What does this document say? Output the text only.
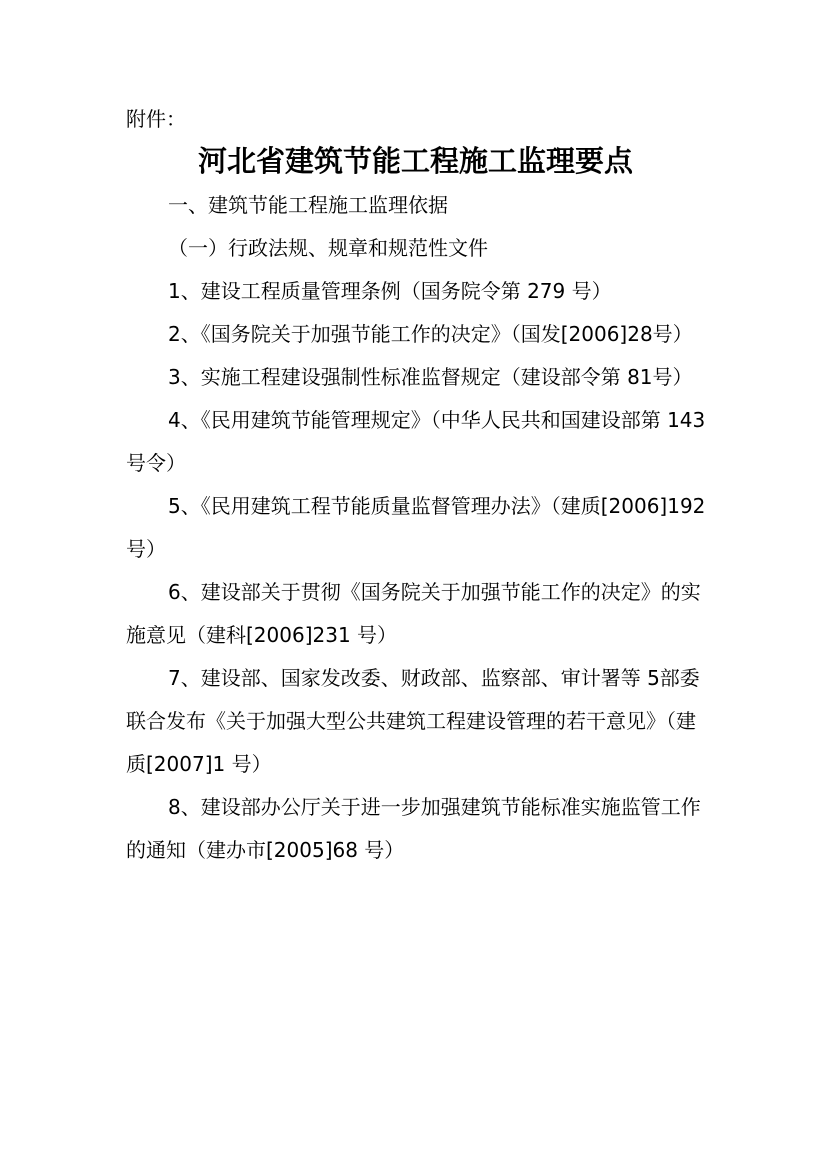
附件：

河北省建筑节能工程施工监理要点

一、建筑节能工程施工监理依据

（一）行政法规、规章和规范性文件

1、建设工程质量管理条例（国务院令第 279 号）
2、《国务院关于加强节能工作的决定》（国发[2006]28号）
3、实施工程建设强制性标准监督规定（建设部令第 81号）
4、《民用建筑节能管理规定》（中华人民共和国建设部第 143 号令）
5、《民用建筑工程节能质量监督管理办法》（建质[2006]192 号）
6、建设部关于贯彻《国务院关于加强节能工作的决定》的实施意见（建科[2006]231 号）
7、建设部、国家发改委、财政部、监察部、审计署等 5部委联合发布《关于加强大型公共建筑工程建设管理的若干意见》（建质[2007]1 号）
8、建设部办公厅关于进一步加强建筑节能标准实施监管工作的通知（建办市[2005]68 号）
